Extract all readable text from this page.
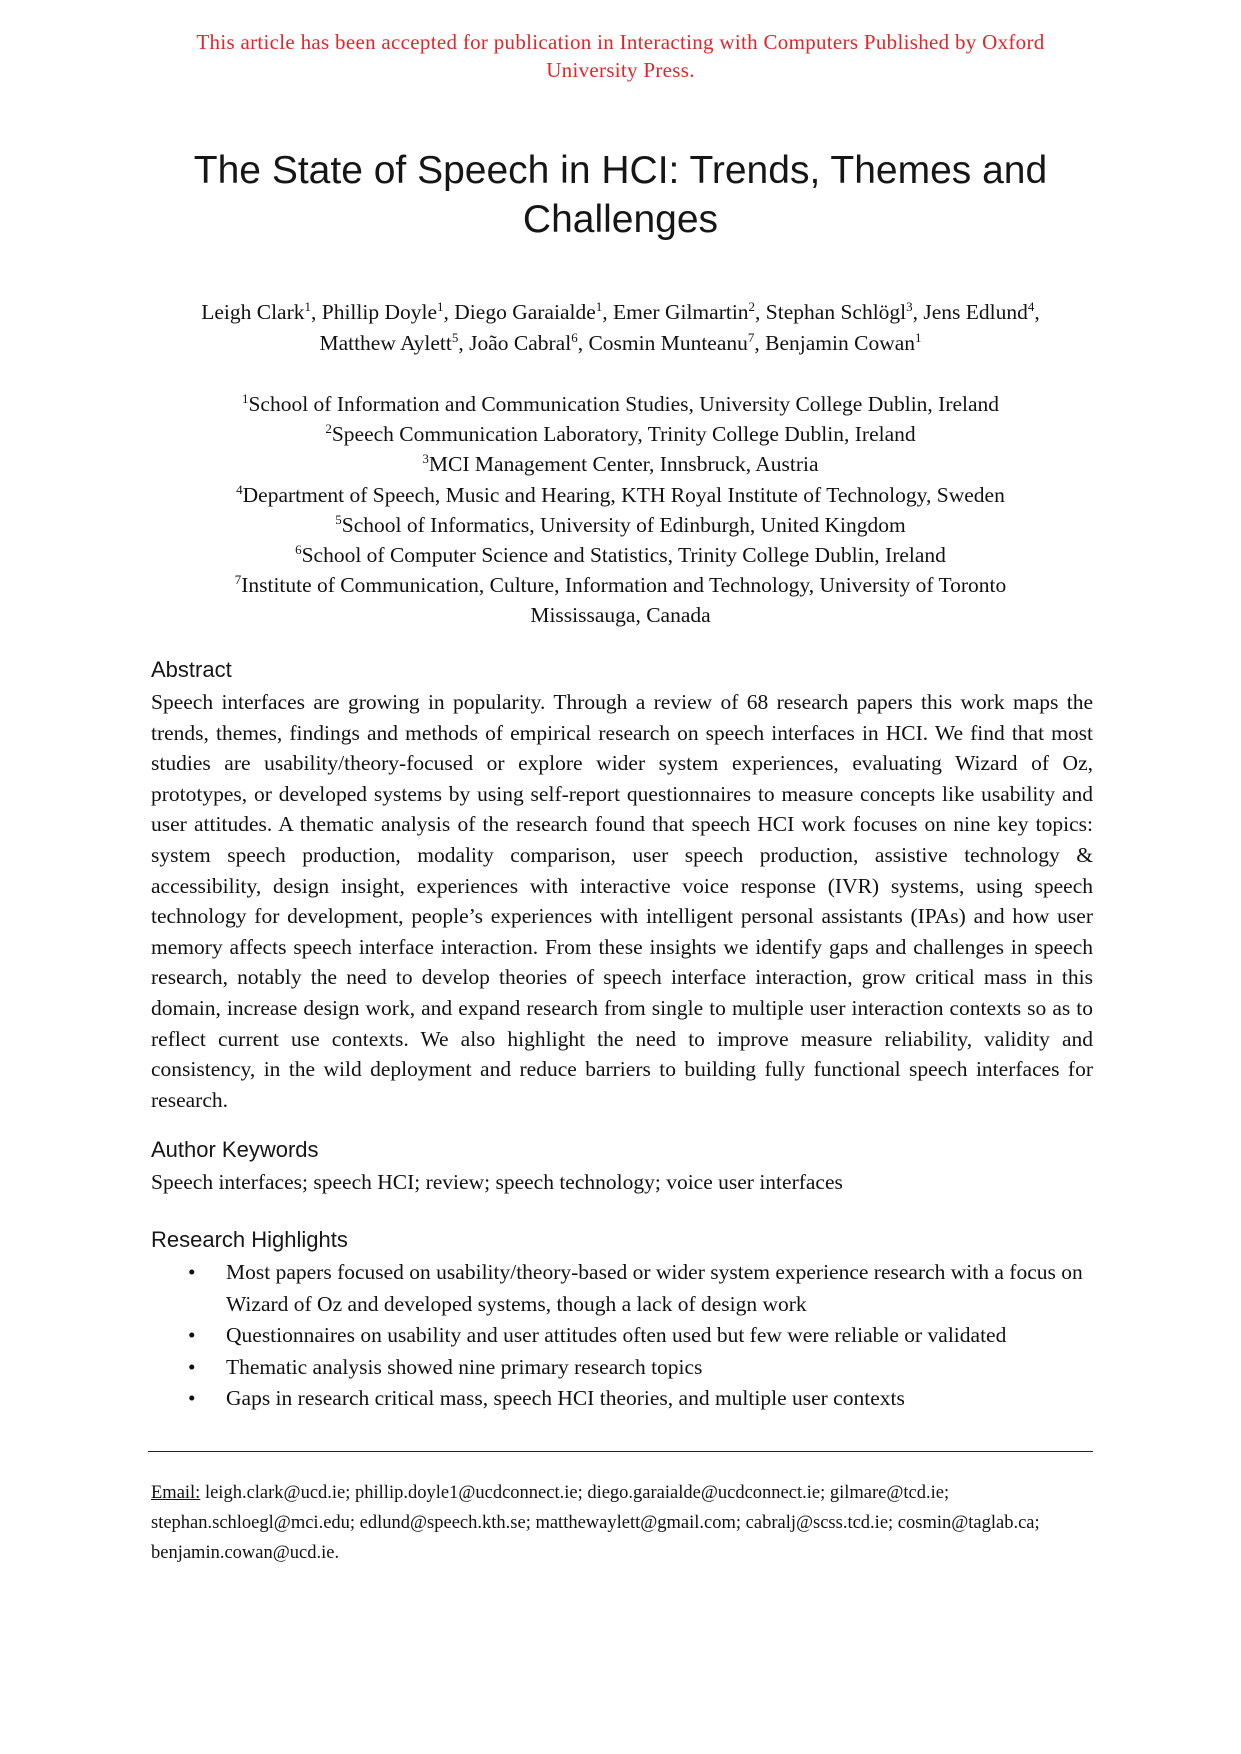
This article has been accepted for publication in Interacting with Computers Published by Oxford University Press.
The State of Speech in HCI: Trends, Themes and Challenges
Leigh Clark$^1$, Phillip Doyle$^1$, Diego Garaialde$^1$, Emer Gilmartin$^2$, Stephan Schlögl$^3$, Jens Edlund$^4$,
Matthew Aylett$^5$, João Cabral$^6$, Cosmin Munteanu$^7$, Benjamin Cowan$^1$
$^1$School of Information and Communication Studies, University College Dublin, Ireland
$^2$Speech Communication Laboratory, Trinity College Dublin, Ireland
$^3$MCI Management Center, Innsbruck, Austria
$^4$Department of Speech, Music and Hearing, KTH Royal Institute of Technology, Sweden
$^5$School of Informatics, University of Edinburgh, United Kingdom
$^6$School of Computer Science and Statistics, Trinity College Dublin, Ireland
$^7$Institute of Communication, Culture, Information and Technology, University of Toronto Mississauga, Canada
Abstract
Speech interfaces are growing in popularity. Through a review of 68 research papers this work maps the trends, themes, findings and methods of empirical research on speech interfaces in HCI. We find that most studies are usability/theory-focused or explore wider system experiences, evaluating Wizard of Oz, prototypes, or developed systems by using self-report questionnaires to measure concepts like usability and user attitudes. A thematic analysis of the research found that speech HCI work focuses on nine key topics: system speech production, modality comparison, user speech production, assistive technology & accessibility, design insight, experiences with interactive voice response (IVR) systems, using speech technology for development, people’s experiences with intelligent personal assistants (IPAs) and how user memory affects speech interface interaction. From these insights we identify gaps and challenges in speech research, notably the need to develop theories of speech interface interaction, grow critical mass in this domain, increase design work, and expand research from single to multiple user interaction contexts so as to reflect current use contexts. We also highlight the need to improve measure reliability, validity and consistency, in the wild deployment and reduce barriers to building fully functional speech interfaces for research.
Author Keywords
Speech interfaces; speech HCI; review; speech technology; voice user interfaces
Research Highlights
• Most papers focused on usability/theory-based or wider system experience research with a focus on Wizard of Oz and developed systems, though a lack of design work
• Questionnaires on usability and user attitudes often used but few were reliable or validated
• Thematic analysis showed nine primary research topics
• Gaps in research critical mass, speech HCI theories, and multiple user contexts
Email: leigh.clark@ucd.ie; phillip.doyle1@ucdconnect.ie; diego.garaialde@ucdconnect.ie; gilmare@tcd.ie; stephan.schloegl@mci.edu; edlund@speech.kth.se; matthewaylett@gmail.com; cabralj@scss.tcd.ie; cosmin@taglab.ca; benjamin.cowan@ucd.ie.
